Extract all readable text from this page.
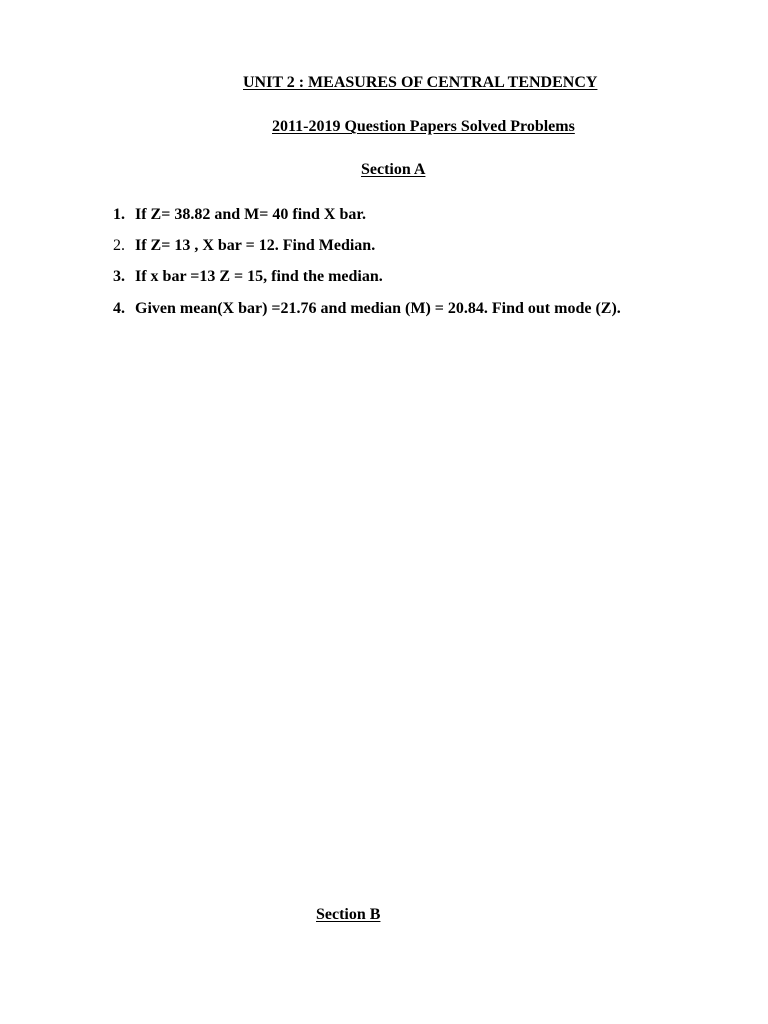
UNIT 2 : MEASURES OF CENTRAL TENDENCY
2011-2019 Question Papers Solved Problems
Section A
1. If Z= 38.82 and M= 40 find X bar.
2. If Z= 13 , X bar = 12. Find Median.
3. If x bar =13 Z = 15, find the median.
4. Given mean(X bar) =21.76 and median (M) = 20.84. Find out mode (Z).
Section B
